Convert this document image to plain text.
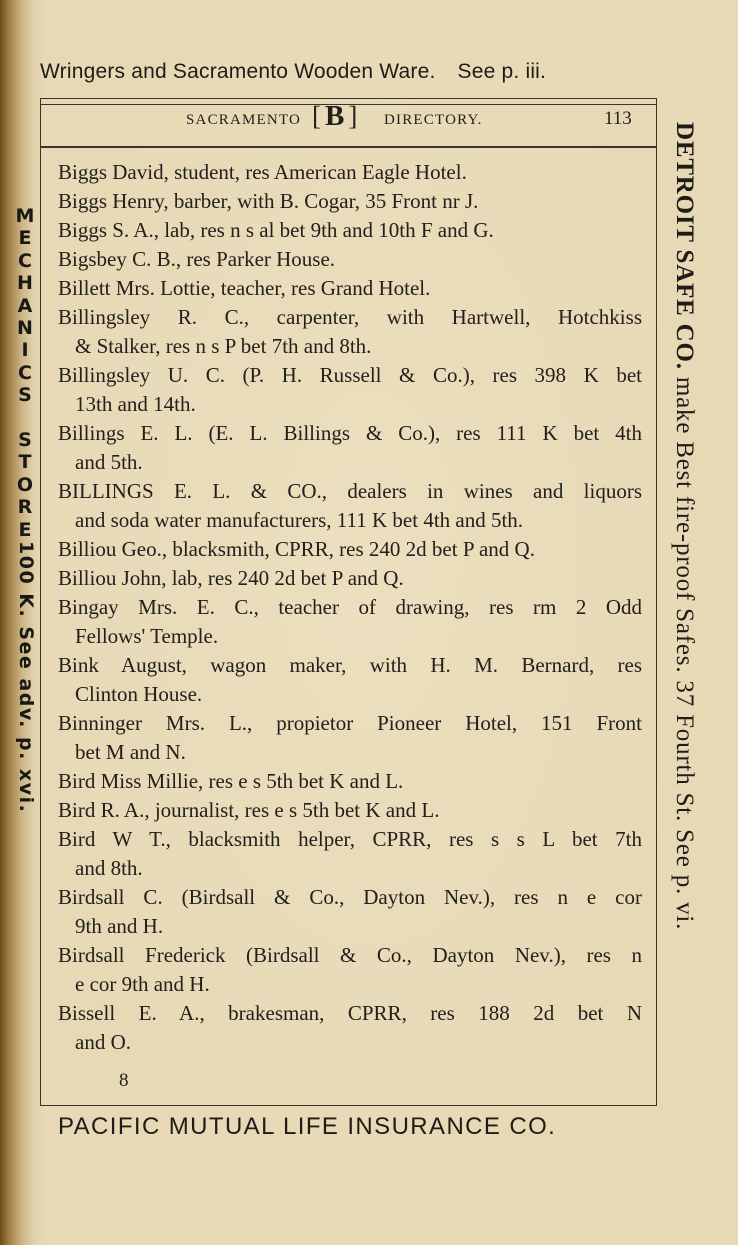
Wringers and Sacramento Wooden Ware. See p. iii.
SACRAMENTO [ B ] DIRECTORY.	113
Biggs David, student, res American Eagle Hotel.
Biggs Henry, barber, with B. Cogar, 35 Front nr J.
Biggs S. A., lab, res n s al bet 9th and 10th F and G.
Bigsbey C. B., res Parker House.
Billett Mrs. Lottie, teacher, res Grand Hotel.
Billingsley R. C., carpenter, with Hartwell, Hotchkiss
& Stalker, res n s P bet 7th and 8th.
Billingsley U. C. (P. H. Russell & Co.), res 398 K bet
13th and 14th.
Billings E. L. (E. L. Billings & Co.), res 111 K bet 4th
and 5th.
BILLINGS E. L. & CO., dealers in wines and liquors
and soda water manufacturers, 111 K bet 4th and 5th.
Billiou Geo., blacksmith, CPRR, res 240 2d bet P and Q.
Billiou John, lab, res 240 2d bet P and Q.
Bingay Mrs. E. C., teacher of drawing, res rm 2 Odd
Fellows' Temple.
Bink August, wagon maker, with H. M. Bernard, res
Clinton House.
Binninger Mrs. L., propietor Pioneer Hotel, 151 Front
bet M and N.
Bird Miss Millie, res e s 5th bet K and L.
Bird R. A., journalist, res e s 5th bet K and L.
Bird W T., blacksmith helper, CPRR, res s s L bet 7th
and 8th.
Birdsall C. (Birdsall & Co., Dayton Nev.), res n e cor
9th and H.
Birdsall Frederick (Birdsall & Co., Dayton Nev.), res n
e cor 9th and H.
Bissell E. A., brakesman, CPRR, res 188 2d bet N
and O.
8
PACIFIC MUTUAL LIFE INSURANCE CO.
M
E
C
H
A
N
I
C
S

S
T
O
R
E
100 K. See adv. p. xvi.
DETROIT SAFE CO. make Best fire-proof Safes. 37 Fourth St. See p. vi.
